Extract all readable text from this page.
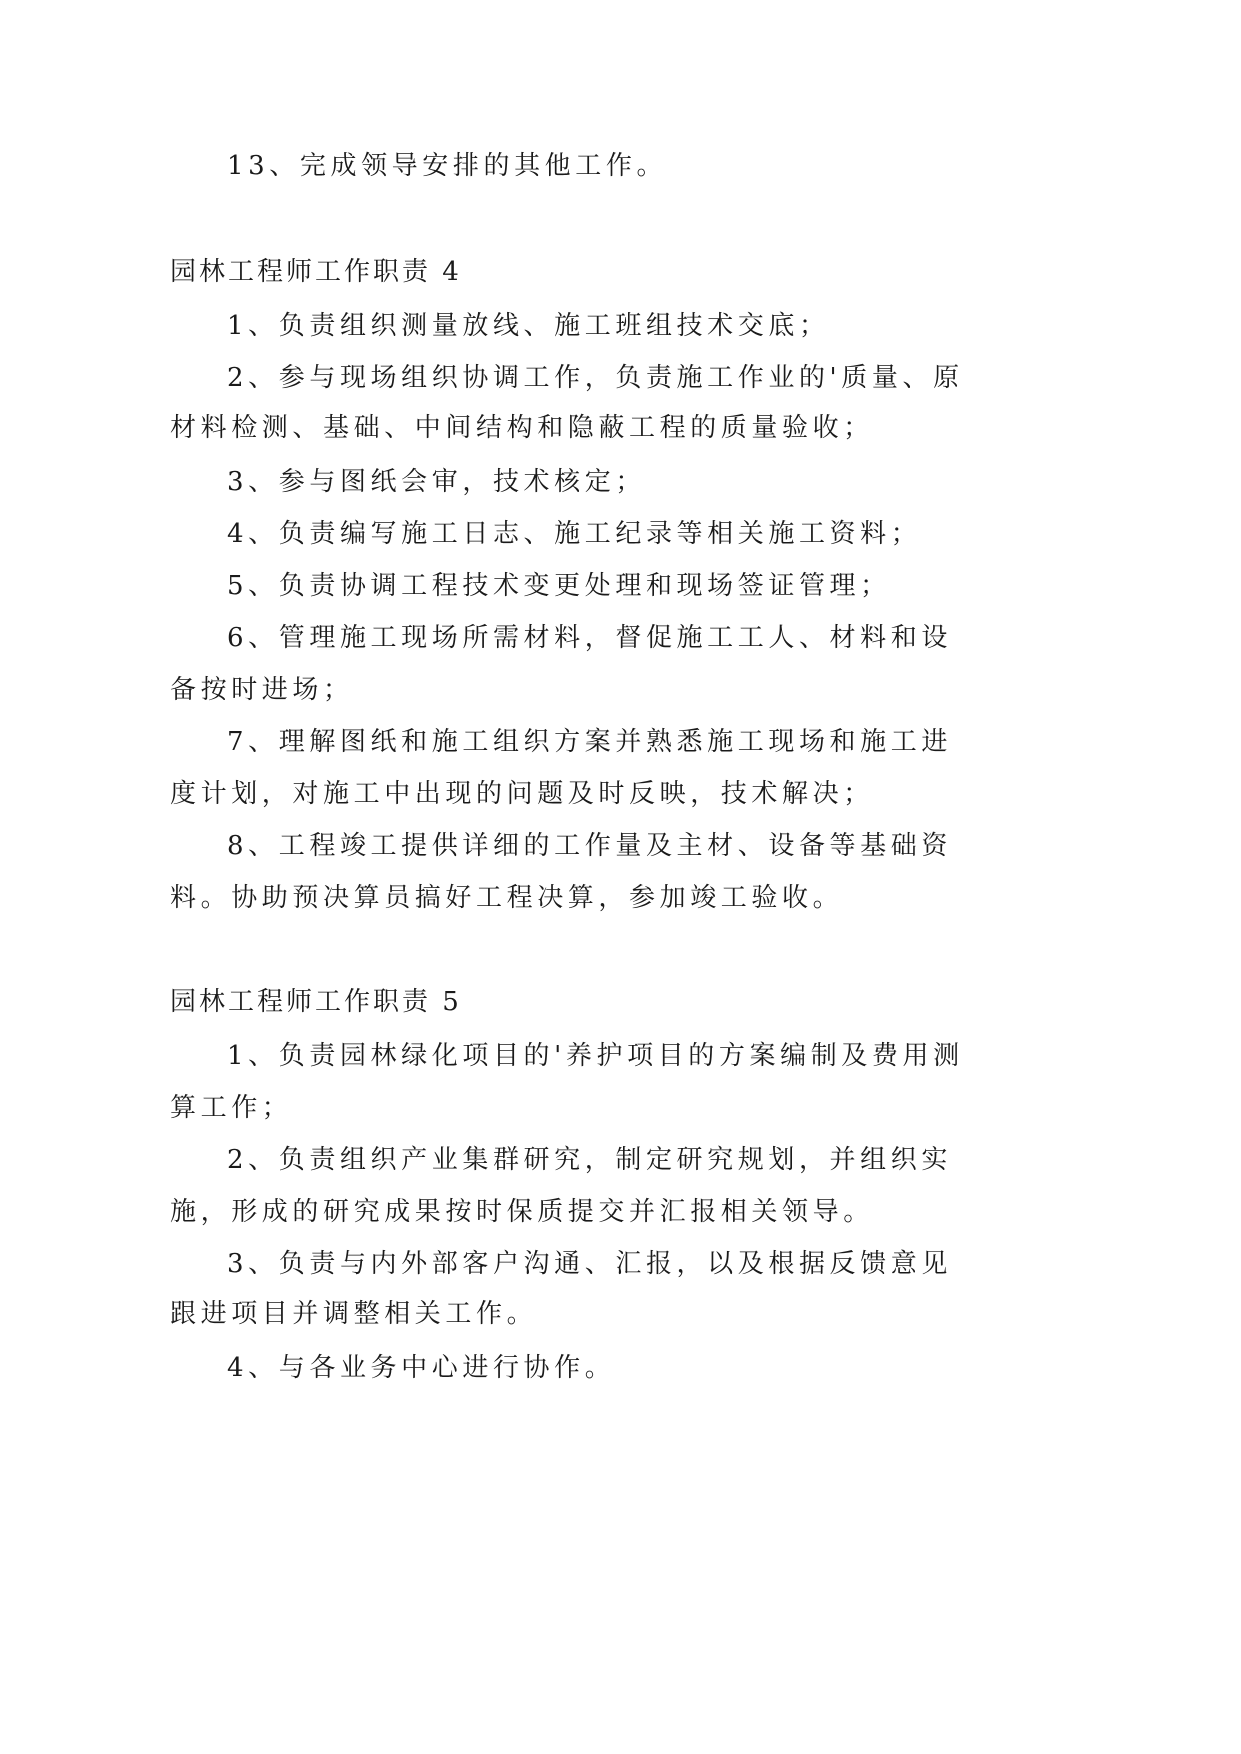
13、完成领导安排的其他工作。
园林工程师工作职责 4
1、负责组织测量放线、施工班组技术交底；
2、参与现场组织协调工作，负责施工作业的'质量、原
材料检测、基础、中间结构和隐蔽工程的质量验收；
3、参与图纸会审，技术核定；
4、负责编写施工日志、施工纪录等相关施工资料；
5、负责协调工程技术变更处理和现场签证管理；
6、管理施工现场所需材料，督促施工工人、材料和设
备按时进场；
7、理解图纸和施工组织方案并熟悉施工现场和施工进
度计划，对施工中出现的问题及时反映，技术解决；
8、工程竣工提供详细的工作量及主材、设备等基础资
料。协助预决算员搞好工程决算，参加竣工验收。
园林工程师工作职责 5
1、负责园林绿化项目的'养护项目的方案编制及费用测
算工作；
2、负责组织产业集群研究，制定研究规划，并组织实
施，形成的研究成果按时保质提交并汇报相关领导。
3、负责与内外部客户沟通、汇报，以及根据反馈意见
跟进项目并调整相关工作。
4、与各业务中心进行协作。
